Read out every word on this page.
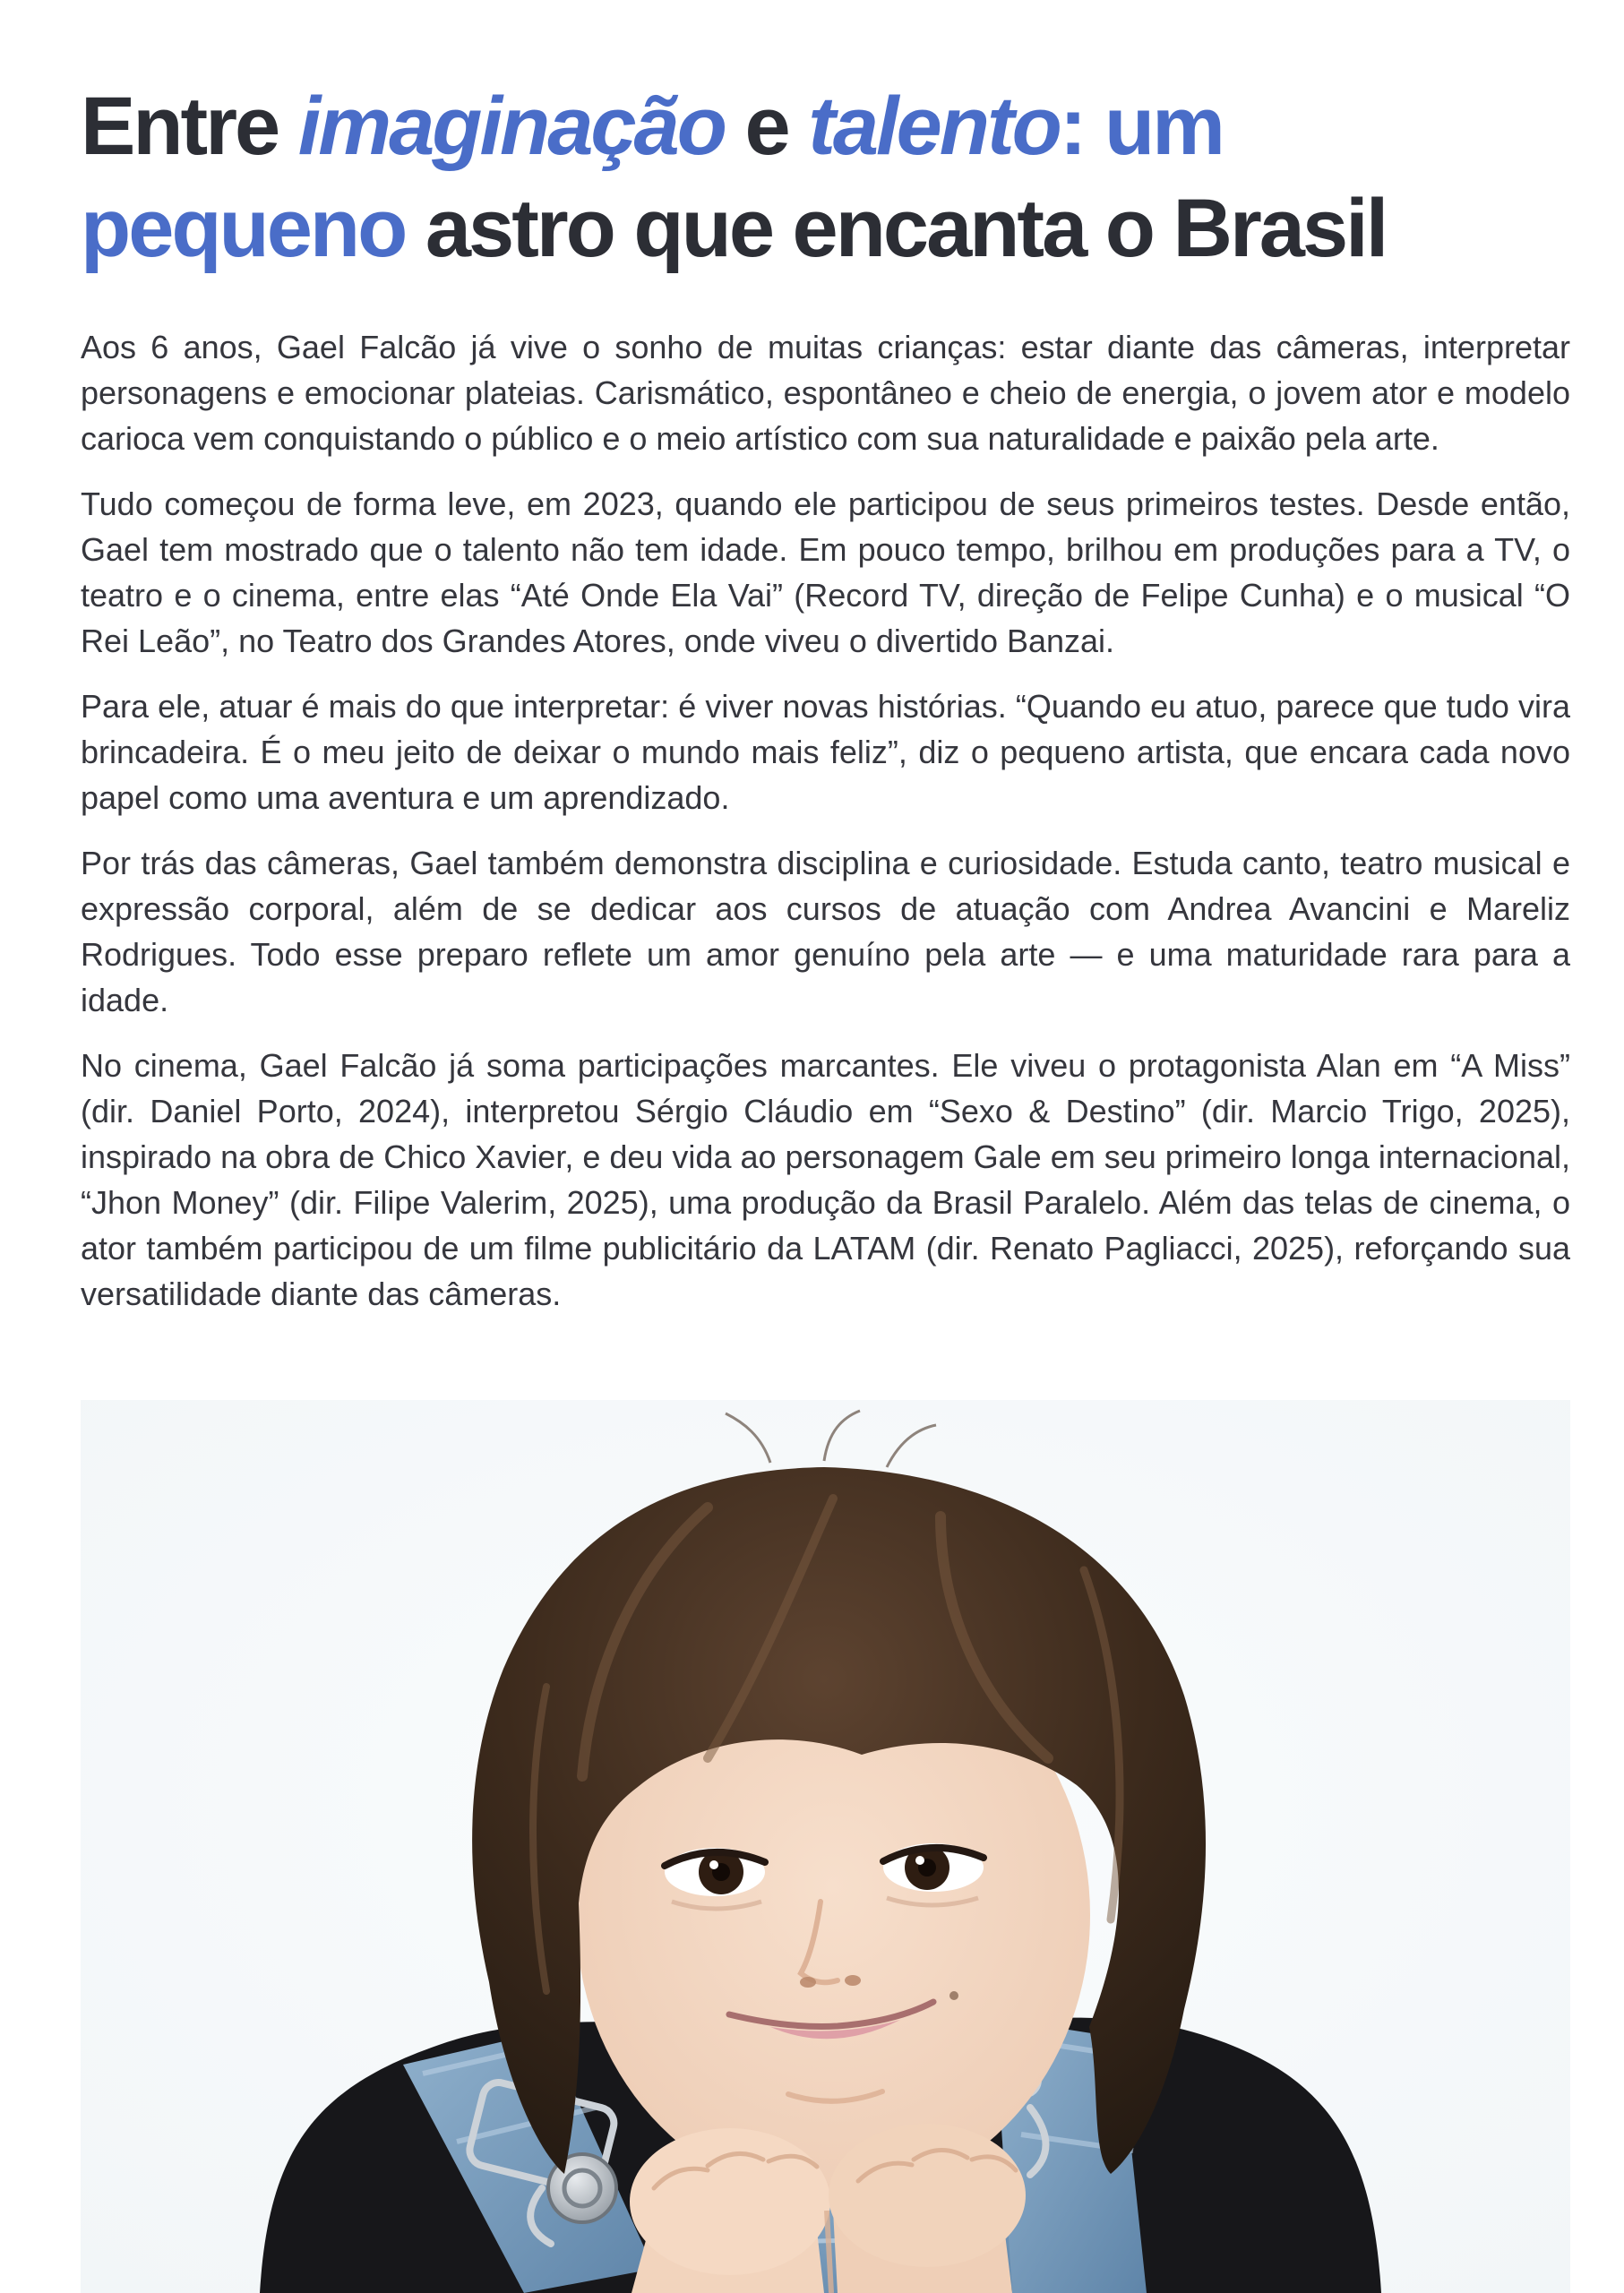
Entre imaginação e talento: um
pequeno astro que encanta o Brasil

Aos 6 anos, Gael Falcão já vive o sonho de muitas crianças: estar diante das câmeras, interpretar personagens e emocionar plateias. Carismático, espontâneo e cheio de energia, o jovem ator e modelo carioca vem conquistando o público e o meio artístico com sua naturalidade e paixão pela arte.

Tudo começou de forma leve, em 2023, quando ele participou de seus primeiros testes. Desde então, Gael tem mostrado que o talento não tem idade. Em pouco tempo, brilhou em produções para a TV, o teatro e o cinema, entre elas “Até Onde Ela Vai” (Record TV, direção de Felipe Cunha) e o musical “O Rei Leão”, no Teatro dos Grandes Atores, onde viveu o divertido Banzai.

Para ele, atuar é mais do que interpretar: é viver novas histórias. “Quando eu atuo, parece que tudo vira brincadeira. É o meu jeito de deixar o mundo mais feliz”, diz o pequeno artista, que encara cada novo papel como uma aventura e um aprendizado.

Por trás das câmeras, Gael também demonstra disciplina e curiosidade. Estuda canto, teatro musical e expressão corporal, além de se dedicar aos cursos de atuação com Andrea Avancini e Mareliz Rodrigues. Todo esse preparo reflete um amor genuíno pela arte — e uma maturidade rara para a idade.

No cinema, Gael Falcão já soma participações marcantes. Ele viveu o protagonista Alan em “A Miss” (dir. Daniel Porto, 2024), interpretou Sérgio Cláudio em “Sexo & Destino” (dir. Marcio Trigo, 2025), inspirado na obra de Chico Xavier, e deu vida ao personagem Gale em seu primeiro longa internacional, “Jhon Money” (dir. Filipe Valerim, 2025), uma produção da Brasil Paralelo. Além das telas de cinema, o ator também participou de um filme publicitário da LATAM (dir. Renato Pagliacci, 2025), reforçando sua versatilidade diante das câmeras.
